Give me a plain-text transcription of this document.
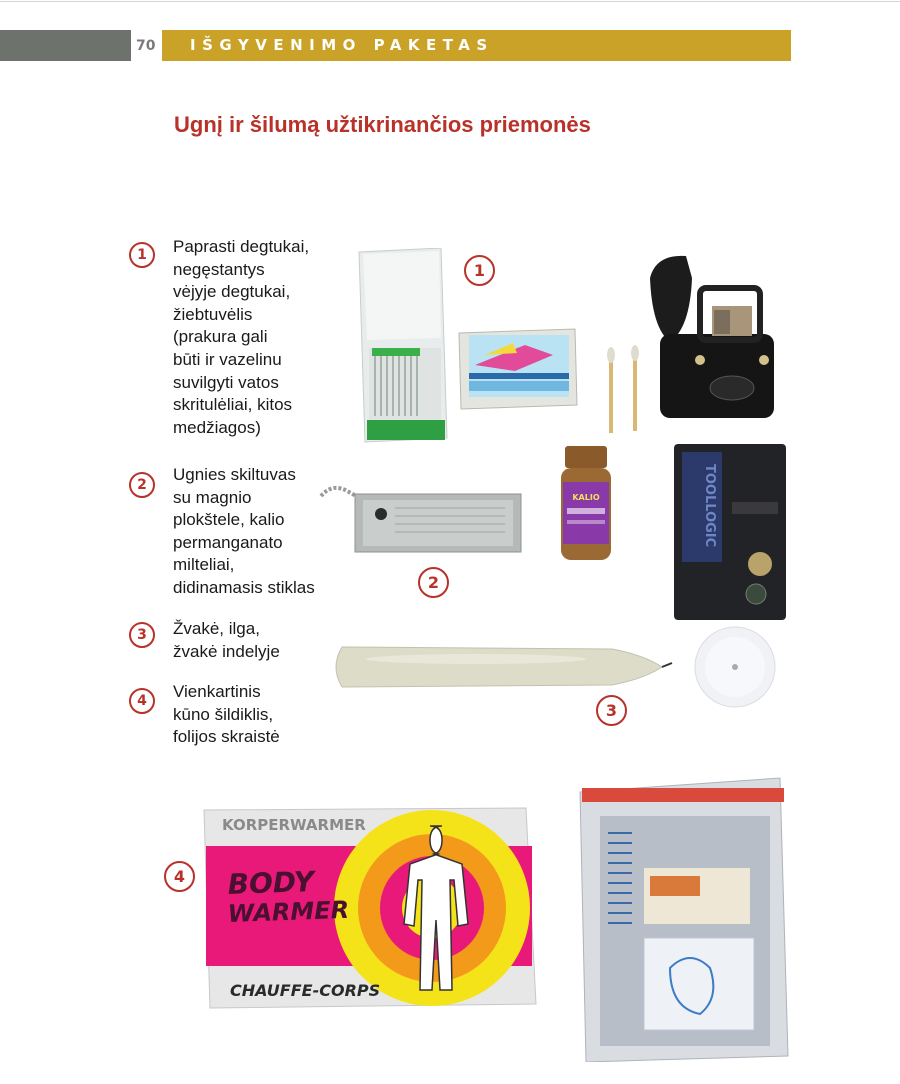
70	IŠGYVENIMO PAKETAS
Ugnį ir šilumą užtikrinančios priemonės
1	Paprasti degtukai,
negęstantys
vėjyje degtukai,
žiebtuvėlis
(prakura gali
būti ir vazelinu
suvilgyti vatos
skritulėliai, kitos
medžiagos)
2
Ugnies skiltuvas
su magnio
plokštele, kalio
permanganato
milteliai,
didinamasis stiklas
3	Žvakė, ilga,
žvakė indelyje
4	Vienkartinis
kūno šildiklis,
folijos skraistė
1
2
3
4
KALIO	TOOLLOGIC
KORPERWARMER
BODY
WARMER
CHAUFFE-CORPS
